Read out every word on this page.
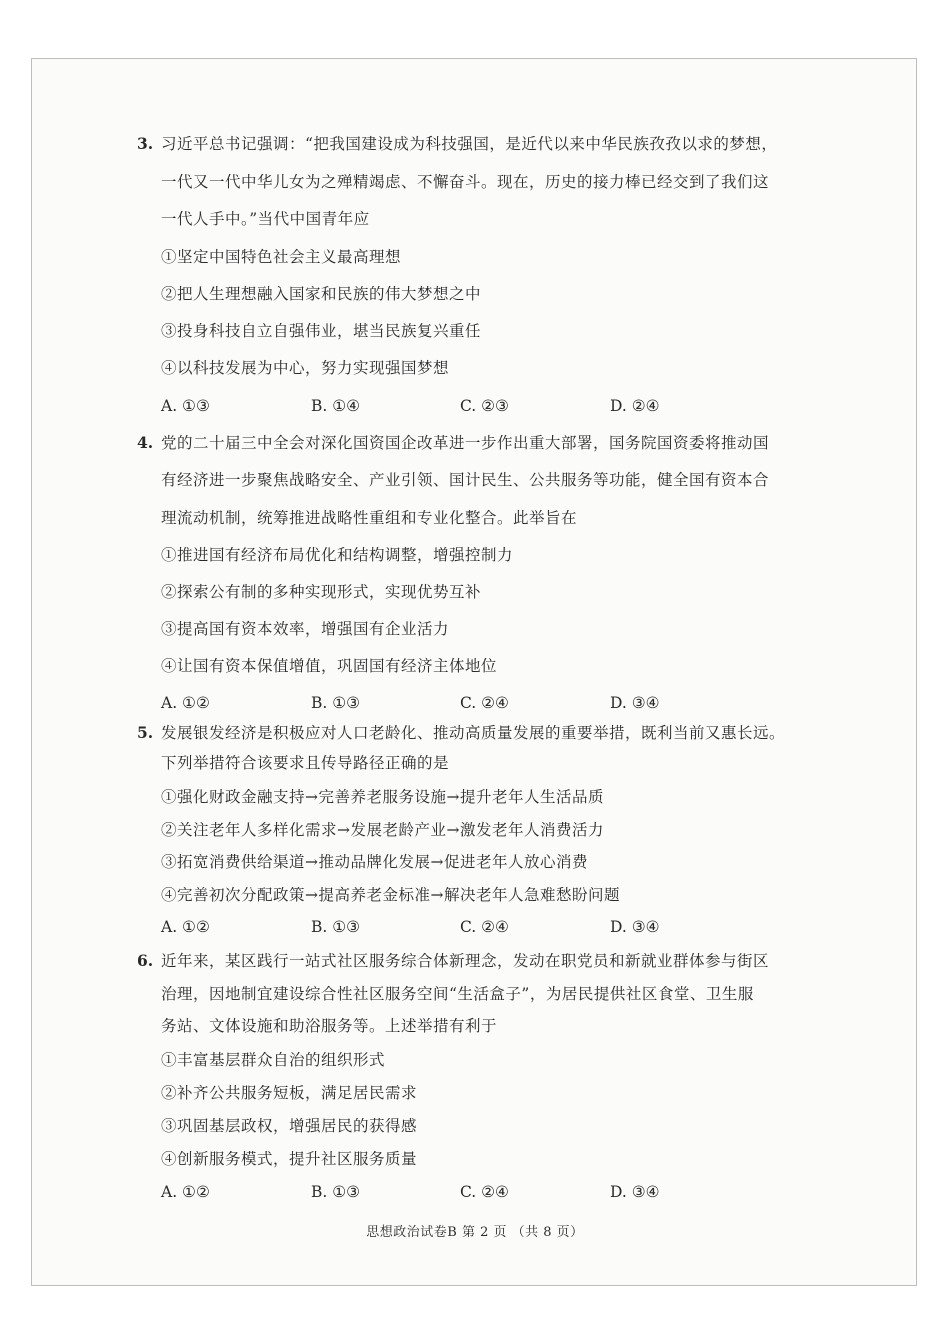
3. 习近平总书记强调：“把我国建设成为科技强国，是近代以来中华民族孜孜以求的梦想，
一代又一代中华儿女为之殚精竭虑、不懈奋斗。现在，历史的接力棒已经交到了我们这
一代人手中。”当代中国青年应
①坚定中国特色社会主义最高理想
②把人生理想融入国家和民族的伟大梦想之中
③投身科技自立自强伟业，堪当民族复兴重任
④以科技发展为中心，努力实现强国梦想
A. ①③	B. ①④	C. ②③	D. ②④
4. 党的二十届三中全会对深化国资国企改革进一步作出重大部署，国务院国资委将推动国
有经济进一步聚焦战略安全、产业引领、国计民生、公共服务等功能，健全国有资本合
理流动机制，统筹推进战略性重组和专业化整合。此举旨在
①推进国有经济布局优化和结构调整，增强控制力
②探索公有制的多种实现形式，实现优势互补
③提高国有资本效率，增强国有企业活力
④让国有资本保值增值，巩固国有经济主体地位
A. ①②	B. ①③	C. ②④	D. ③④
5. 发展银发经济是积极应对人口老龄化、推动高质量发展的重要举措，既利当前又惠长远。
下列举措符合该要求且传导路径正确的是
①强化财政金融支持→完善养老服务设施→提升老年人生活品质
②关注老年人多样化需求→发展老龄产业→激发老年人消费活力
③拓宽消费供给渠道→推动品牌化发展→促进老年人放心消费
④完善初次分配政策→提高养老金标准→解决老年人急难愁盼问题
A. ①②	B. ①③	C. ②④	D. ③④
6. 近年来，某区践行一站式社区服务综合体新理念，发动在职党员和新就业群体参与街区
治理，因地制宜建设综合性社区服务空间“生活盒子”，为居民提供社区食堂、卫生服
务站、文体设施和助浴服务等。上述举措有利于
①丰富基层群众自治的组织形式
②补齐公共服务短板，满足居民需求
③巩固基层政权，增强居民的获得感
④创新服务模式，提升社区服务质量
A. ①②	B. ①③	C. ②④	D. ③④
思想政治试卷B 第 2 页 （共 8 页）
